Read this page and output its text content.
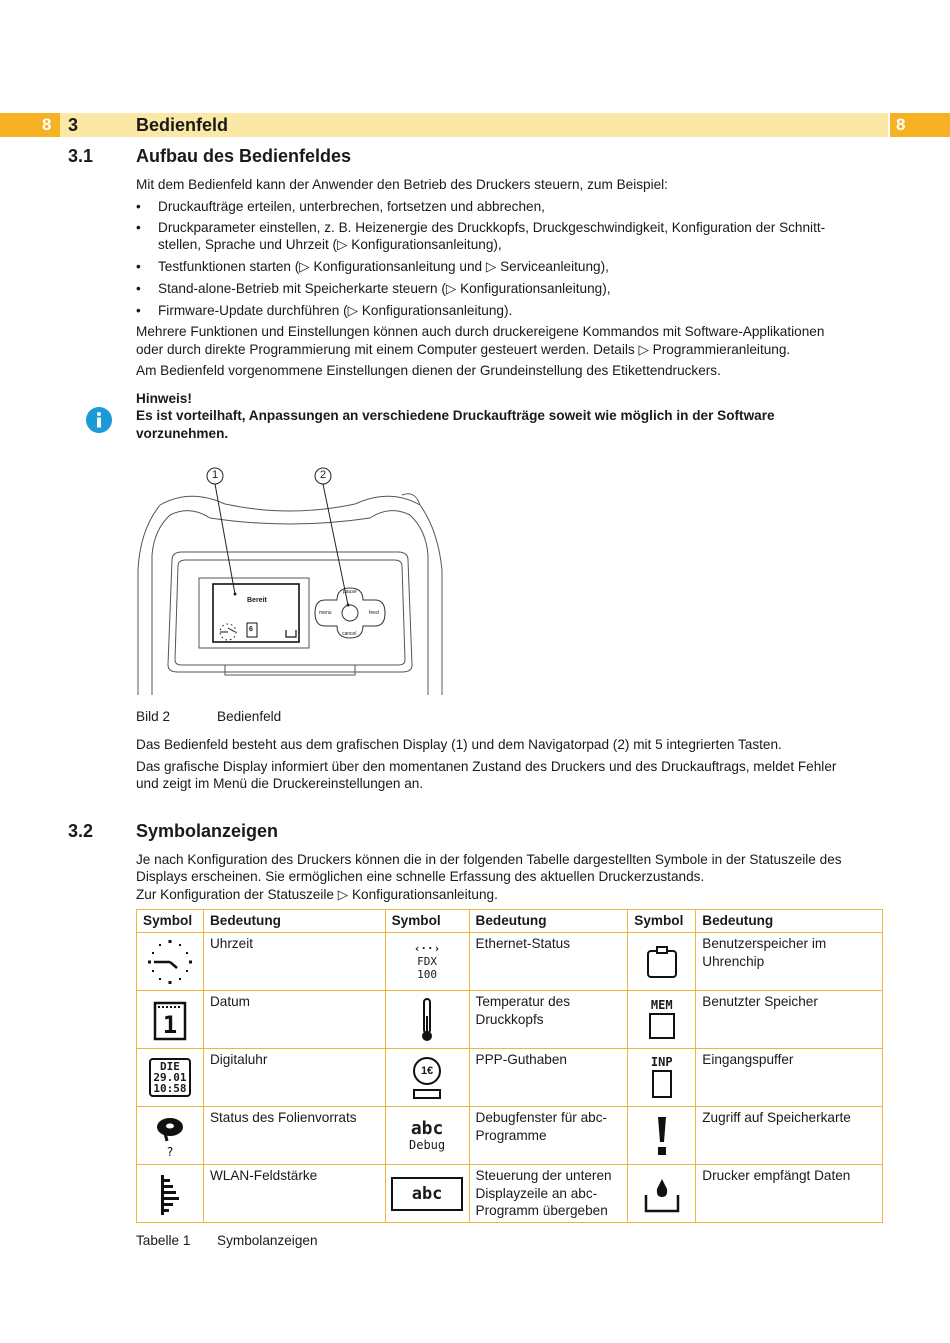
8 3	Bedienfeld	8
3.1 Aufbau des Bedienfeldes
Mit dem Bedienfeld kann der Anwender den Betrieb des Druckers steuern, zum Beispiel:
• Druckaufträge erteilen, unterbrechen, fortsetzen und abbrechen,
• Druckparameter einstellen, z. B. Heizenergie des Druckkopfs, Druckgeschwindigkeit, Konfiguration der Schnitt-
stellen, Sprache und Uhrzeit (▷ Konfigurationsanleitung),
• Testfunktionen starten (▷ Konfigurationsanleitung und ▷ Serviceanleitung),
• Stand-alone-Betrieb mit Speicherkarte steuern (▷ Konfigurationsanleitung),
• Firmware-Update durchführen (▷ Konfigurationsanleitung).
Mehrere Funktionen und Einstellungen können auch durch druckereigene Kommandos mit Software-Applikationen
oder durch direkte Programmierung mit einem Computer gesteuert werden. Details ▷ Programmieranleitung.
Am Bedienfeld vorgenommene Einstellungen dienen der Grundeinstellung des Etikettendruckers.
Hinweis!
Es ist vorteilhaft, Anpassungen an verschiedene Druckaufträge soweit wie möglich in der Software
vorzunehmen.
1	2
Bereit
6
pause
menu	feed
cancel
Bild 2	Bedienfeld
Das Bedienfeld besteht aus dem grafischen Display (1) und dem Navigatorpad (2) mit 5 integrierten Tasten.
Das grafische Display informiert über den momentanen Zustand des Druckers und des Druckauftrags, meldet Fehler
und zeigt im Menü die Druckereinstellungen an.
3.2 Symbolanzeigen
Je nach Konfiguration des Druckers können die in der folgenden Tabelle dargestellten Symbole in der Statuszeile des
Displays erscheinen. Sie ermöglichen eine schnelle Erfassung des aktuellen Druckerzustands.
Zur Konfiguration der Statuszeile ▷ Konfigurationsanleitung.
Symbol	Bedeutung	Symbol	Bedeutung	Symbol	Bedeutung

	Uhrzeit	‹··›
FDX
100	Ethernet-Status		Benutzerspeicher im Uhrenchip

1	Datum		Temperatur des Druckkopfs	MEM	Benutzter Speicher

DIE
29.01
10:58	Digitaluhr	1€	PPP-Guthaben	INP	Eingangspuffer

?	Status des Folienvorrats	abc
Debug	Debugfenster für abc-Programme		Zugriff auf Speicherkarte

	WLAN-Feldstärke	abc	Steuerung der unteren Displayzeile an abc-Programm übergeben		Drucker empfängt Daten
Tabelle 1 Symbolanzeigen
